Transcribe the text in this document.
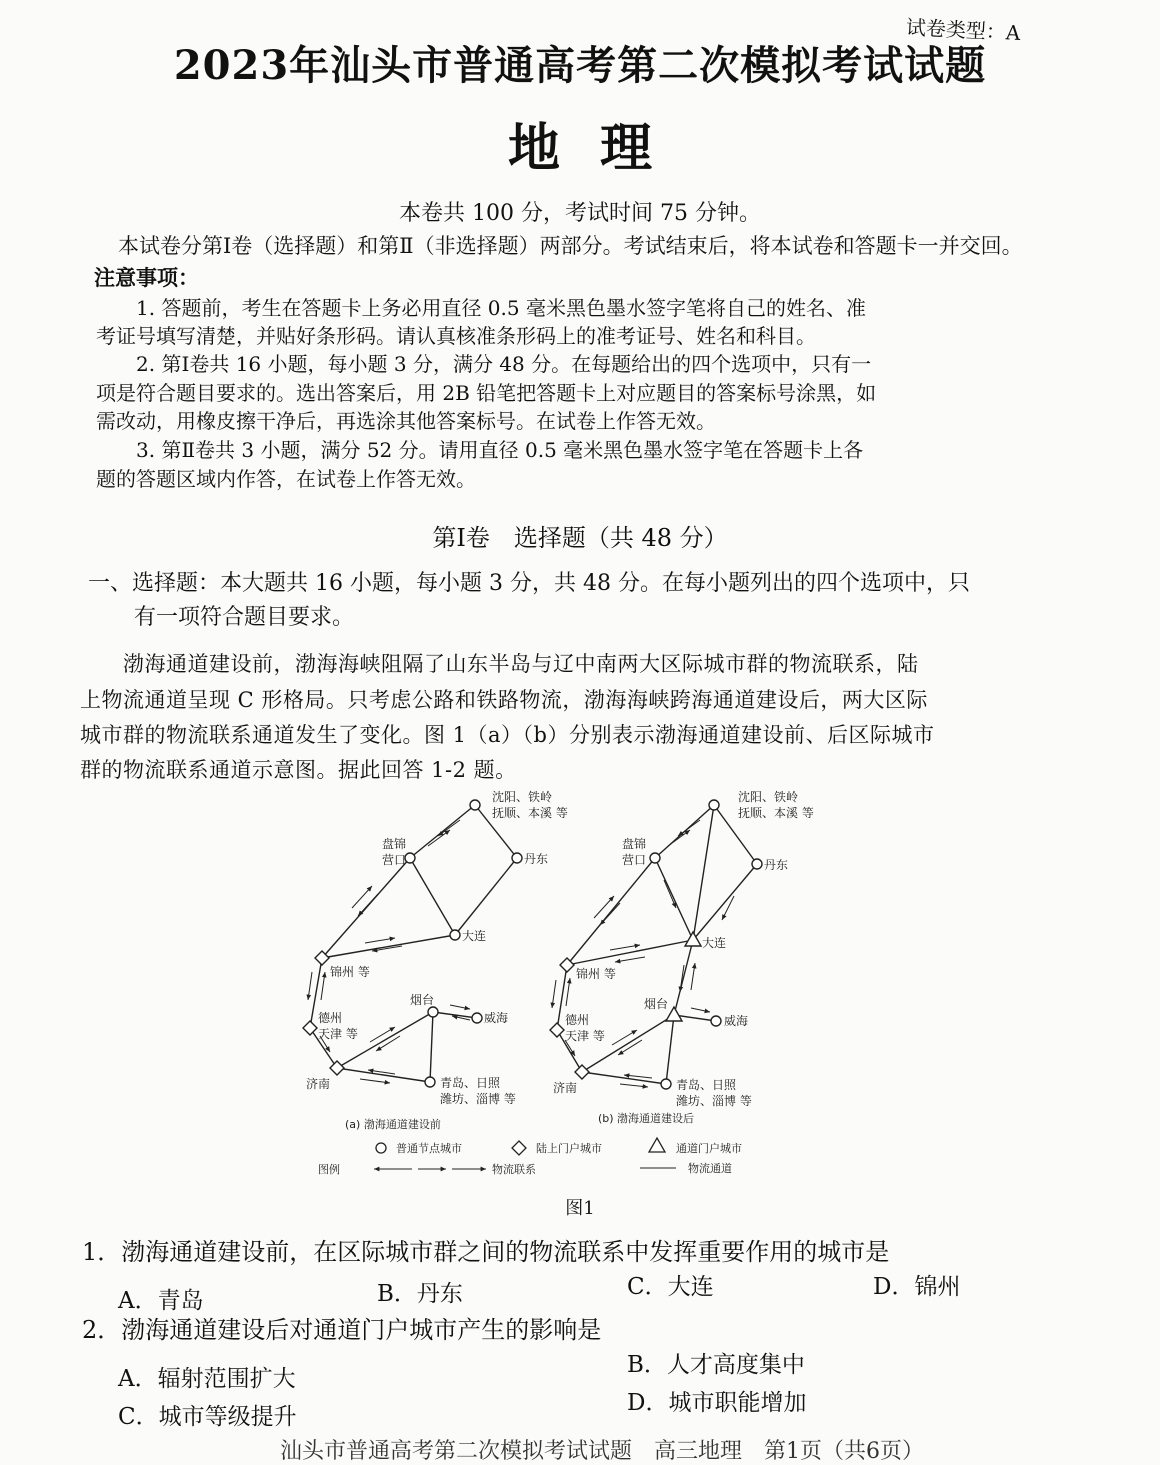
试卷类型：A
2023年汕头市普通高考第二次模拟考试试题
地理
本卷共 100 分，考试时间 75 分钟。
本试卷分第Ⅰ卷（选择题）和第Ⅱ（非选择题）两部分。考试结束后，将本试卷和答题卡一并交回。
注意事项：
　　1. 答题前，考生在答题卡上务必用直径 0.5 毫米黑色墨水签字笔将自己的姓名、准
考证号填写清楚，并贴好条形码。请认真核准条形码上的准考证号、姓名和科目。
　　2. 第Ⅰ卷共 16 小题，每小题 3 分，满分 48 分。在每题给出的四个选项中，只有一
项是符合题目要求的。选出答案后，用 2B 铅笔把答题卡上对应题目的答案标号涂黑，如
需改动，用橡皮擦干净后，再选涂其他答案标号。在试卷上作答无效。
　　3. 第Ⅱ卷共 3 小题，满分 52 分。请用直径 0.5 毫米黑色墨水签字笔在答题卡上各
题的答题区域内作答，在试卷上作答无效。
第Ⅰ卷　选择题（共 48 分）
一、选择题：本大题共 16 小题，每小题 3 分，共 48 分。在每小题列出的四个选项中，只
有一项符合题目要求。
　　渤海通道建设前，渤海海峡阻隔了山东半岛与辽中南两大区际城市群的物流联系，陆
上物流通道呈现 C 形格局。只考虑公路和铁路物流，渤海海峡跨海通道建设后，两大区际
城市群的物流联系通道发生了变化。图 1（a）（b）分别表示渤海通道建设前、后区际城市
群的物流联系通道示意图。据此回答 1-2 题。
沈阳、铁岭
抚顺、本溪 等
盘锦
营口	丹东
大连
锦州 等
烟台
威海
德州
天津 等
济南	青岛、日照
潍坊、淄博 等
沈阳、铁岭
抚顺、本溪 等
盘锦
营口	丹东
大连
锦州 等
烟台
威海
德州
天津 等
济南	青岛、日照
潍坊、淄博 等
(a) 渤海通道建设前	(b) 渤海通道建设后
普通节点城市	陆上门户城市	通道门户城市
图例	物流联系	物流通道
图1
1．渤海通道建设前，在区际城市群之间的物流联系中发挥重要作用的城市是
A．青岛	B．丹东	C．大连	D．锦州
2．渤海通道建设后对通道门户城市产生的影响是
A．辐射范围扩大
B．人才高度集中
C．城市等级提升
D．城市职能增加
汕头市普通高考第二次模拟考试试题　高三地理　第1页（共6页）
